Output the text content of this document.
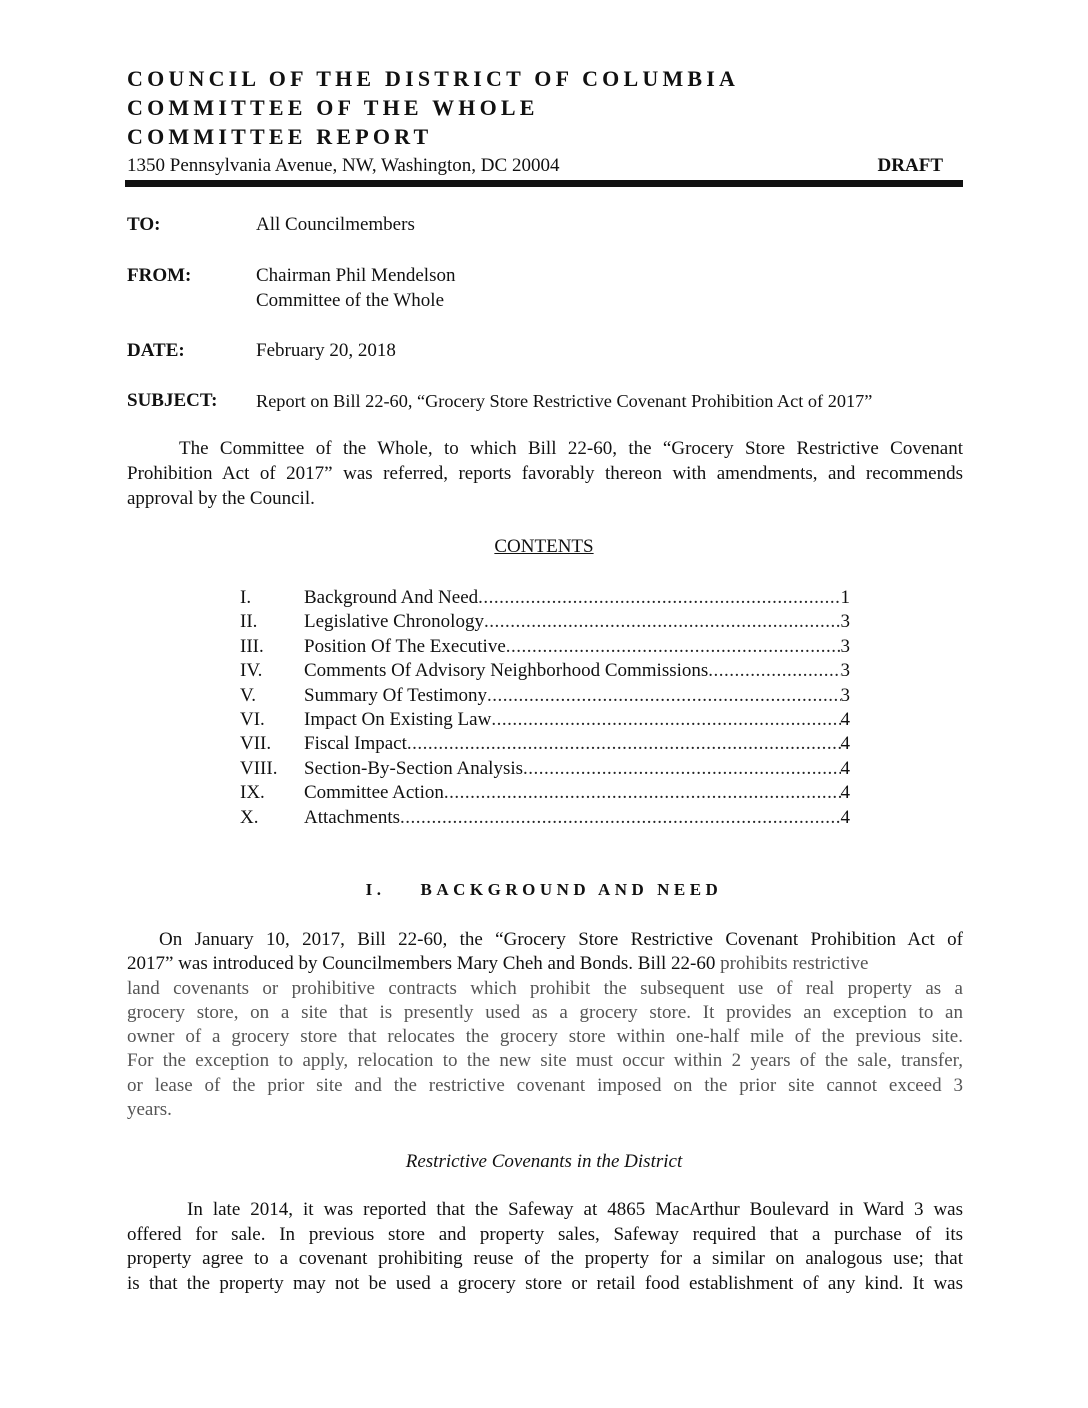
COUNCIL OF THE DISTRICT OF COLUMBIA
COMMITTEE OF THE WHOLE
COMMITTEE REPORT
1350 Pennsylvania Avenue, NW, Washington, DC 20004	DRAFT
TO:	All Councilmembers
FROM:	Chairman Phil Mendelson
Committee of the Whole
DATE:	February 20, 2018
SUBJECT: Report on Bill 22-60, “Grocery Store Restrictive Covenant Prohibition Act of 2017”
The Committee of the Whole, to which Bill 22-60, the “Grocery Store Restrictive Covenant
Prohibition Act of 2017” was referred, reports favorably thereon with amendments, and recommends
approval by the Council.
CONTENTS
I.	Background And Need .....	1
II. Legislative Chronology .....	3
III. Position Of The Executive .....	3
IV. Comments Of Advisory Neighborhood Commissions .....	3
V.	Summary Of Testimony .....	3
VI. Impact On Existing Law .....	4
VII. Fiscal Impact .....	4
VIII. Section-By-Section Analysis .....	4
IX. Committee Action .....	4
X. Attachments .....	4
I.    BACKGROUND AND NEED
On January 10, 2017, Bill 22-60, the “Grocery Store Restrictive Covenant Prohibition Act of
2017” was introduced by Councilmembers Mary Cheh and Bonds. Bill 22-60 prohibits restrictive
land covenants or prohibitive contracts which prohibit the subsequent use of real property as a
grocery store, on a site that is presently used as a grocery store. It provides an exception to an
owner of a grocery store that relocates the grocery store within one-half mile of the previous site.
For the exception to apply, relocation to the new site must occur within 2 years of the sale, transfer,
or lease of the prior site and the restrictive covenant imposed on the prior site cannot exceed 3
years.
Restrictive Covenants in the District
In late 2014, it was reported that the Safeway at 4865 MacArthur Boulevard in Ward 3 was
offered for sale. In previous store and property sales, Safeway required that a purchase of its
property agree to a covenant prohibiting reuse of the property for a similar on analogous use; that
is that the property may not be used a grocery store or retail food establishment of any kind. It was
